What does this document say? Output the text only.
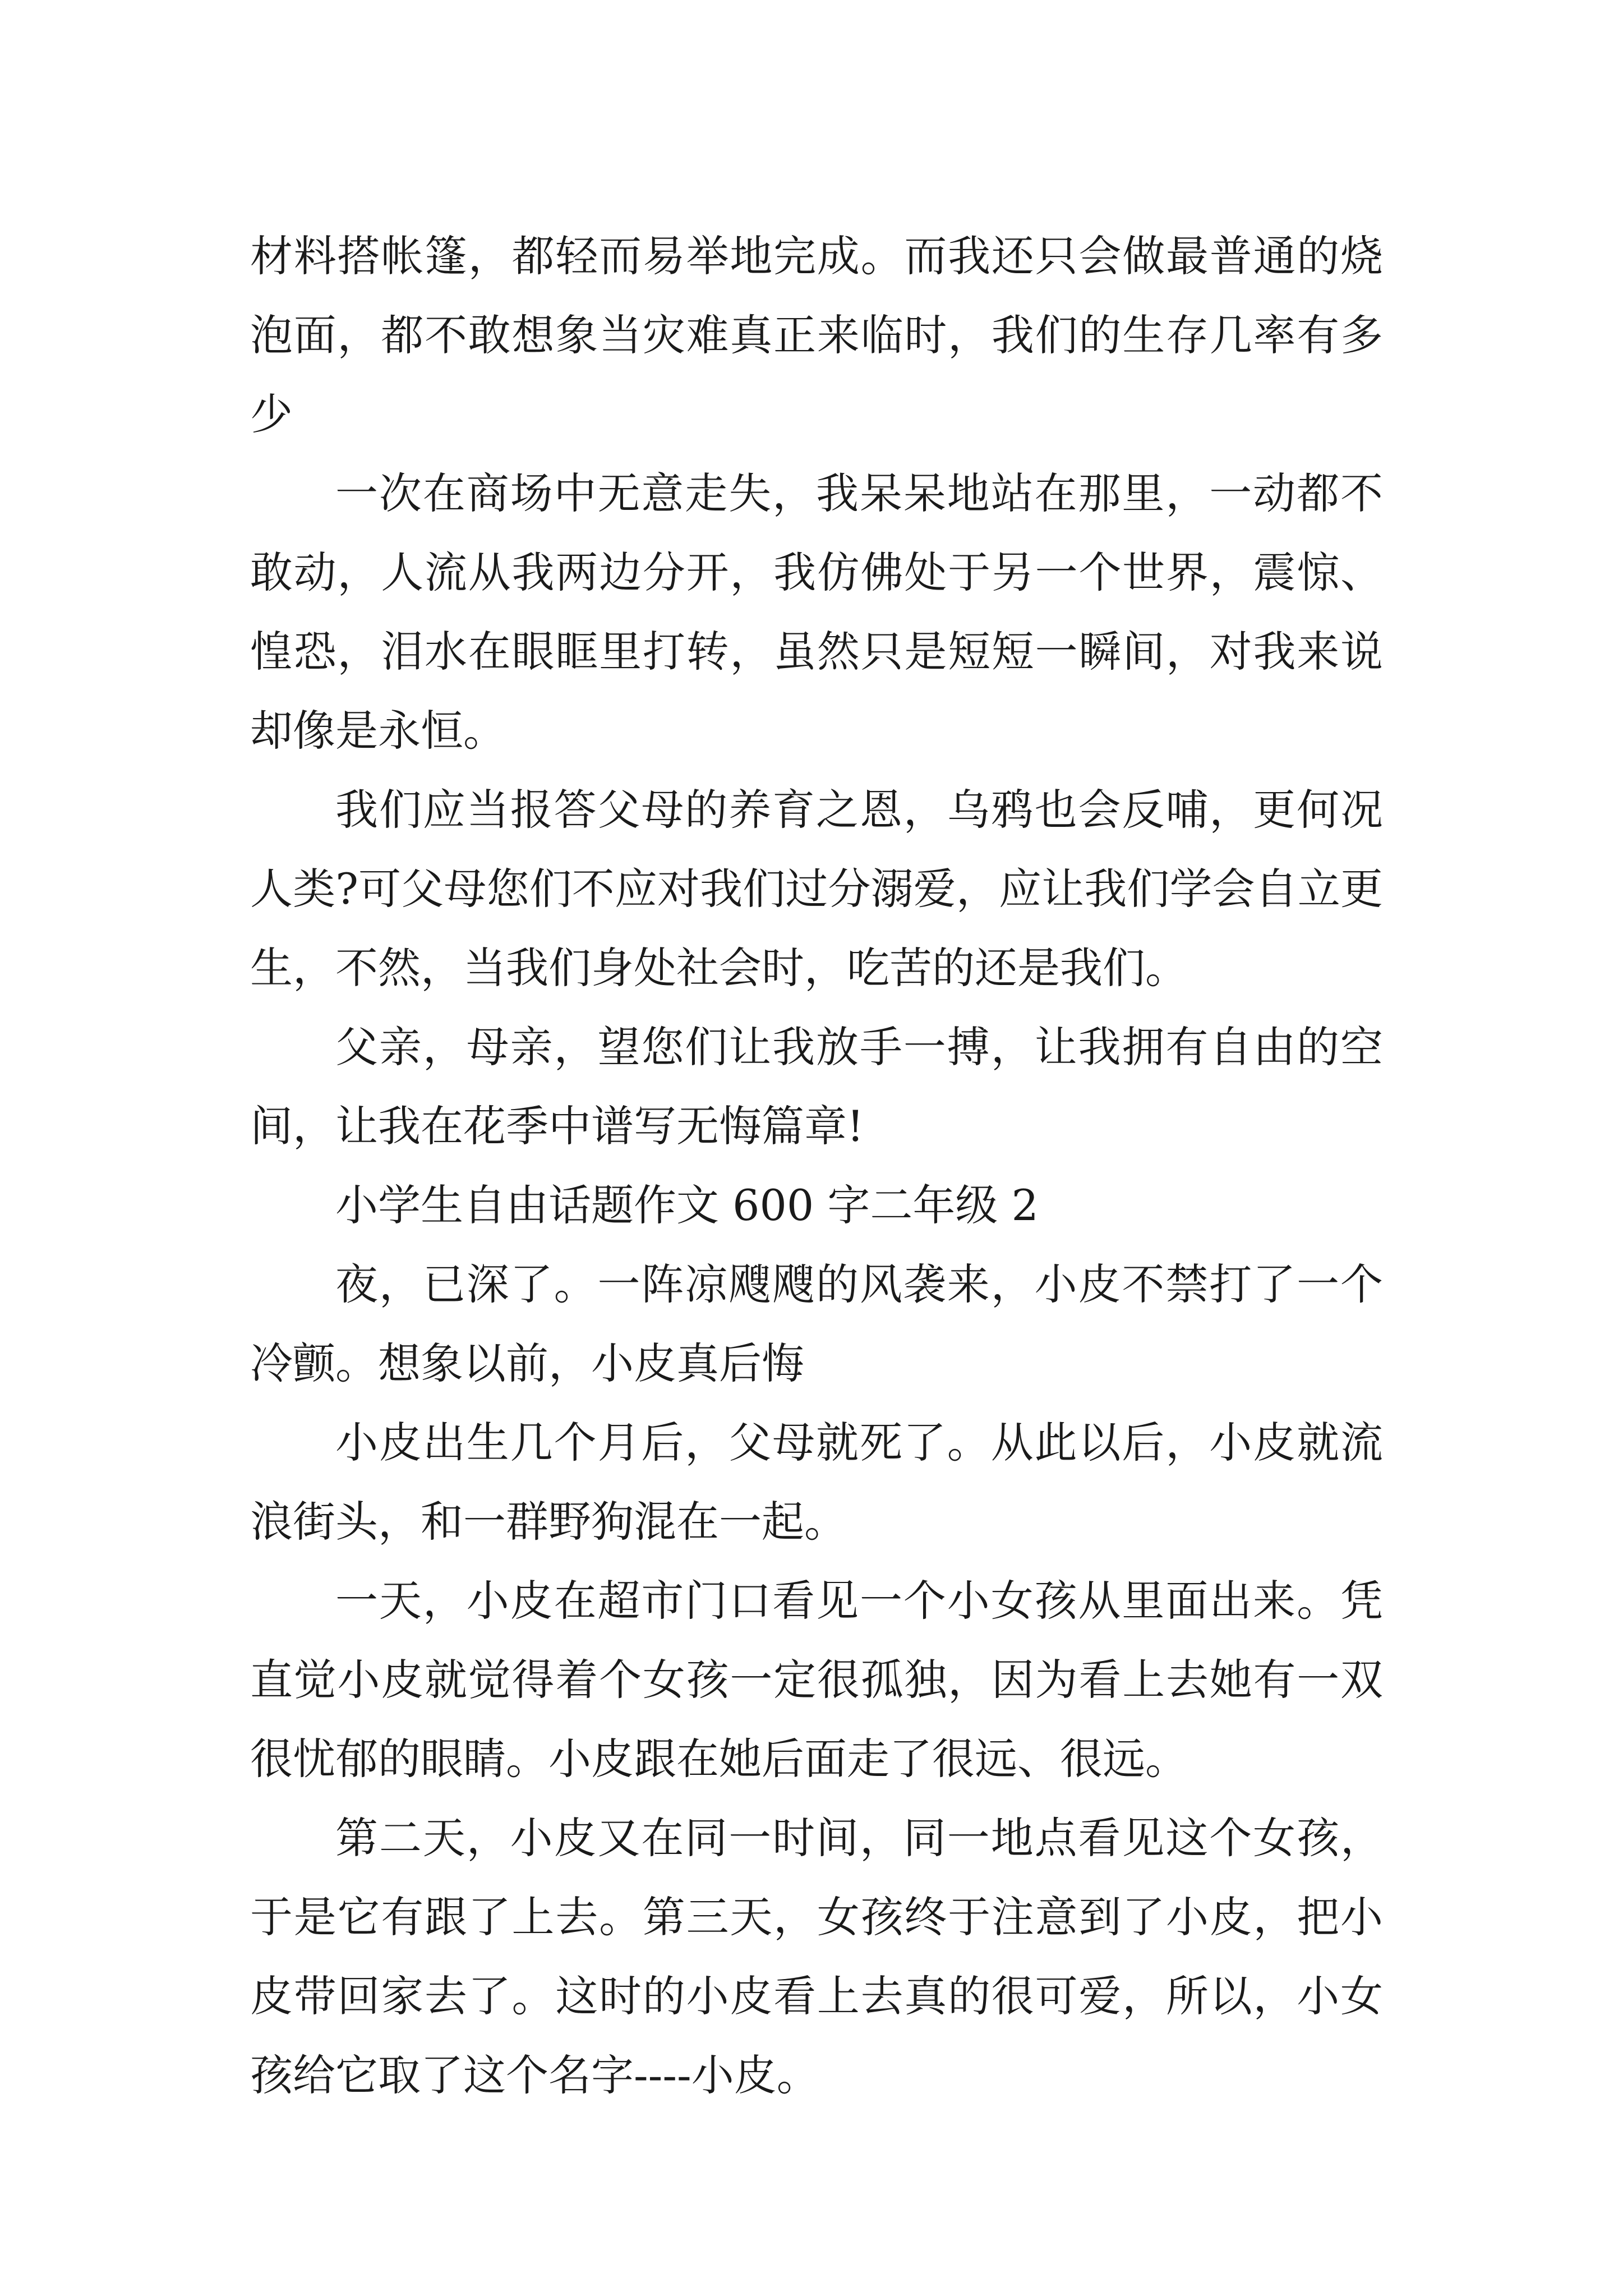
材料搭帐篷，都轻而易举地完成。而我还只会做最普通的烧泡面，都不敢想象当灾难真正来临时，我们的生存几率有多少

一次在商场中无意走失，我呆呆地站在那里，一动都不敢动，人流从我两边分开，我仿佛处于另一个世界，震惊、惶恐，泪水在眼眶里打转，虽然只是短短一瞬间，对我来说却像是永恒。

我们应当报答父母的养育之恩，乌鸦也会反哺，更何况人类?可父母您们不应对我们过分溺爱，应让我们学会自立更生，不然，当我们身处社会时，吃苦的还是我们。

父亲，母亲，望您们让我放手一搏，让我拥有自由的空间，让我在花季中谱写无悔篇章!

小学生自由话题作文 600 字二年级 2

夜，已深了。一阵凉飕飕的风袭来，小皮不禁打了一个冷颤。想象以前，小皮真后悔

小皮出生几个月后，父母就死了。从此以后，小皮就流浪街头，和一群野狗混在一起。

一天，小皮在超市门口看见一个小女孩从里面出来。凭直觉小皮就觉得着个女孩一定很孤独，因为看上去她有一双很忧郁的眼睛。小皮跟在她后面走了很远、很远。

第二天，小皮又在同一时间，同一地点看见这个女孩，于是它有跟了上去。第三天，女孩终于注意到了小皮，把小皮带回家去了。这时的小皮看上去真的很可爱，所以，小女孩给它取了这个名字----小皮。
